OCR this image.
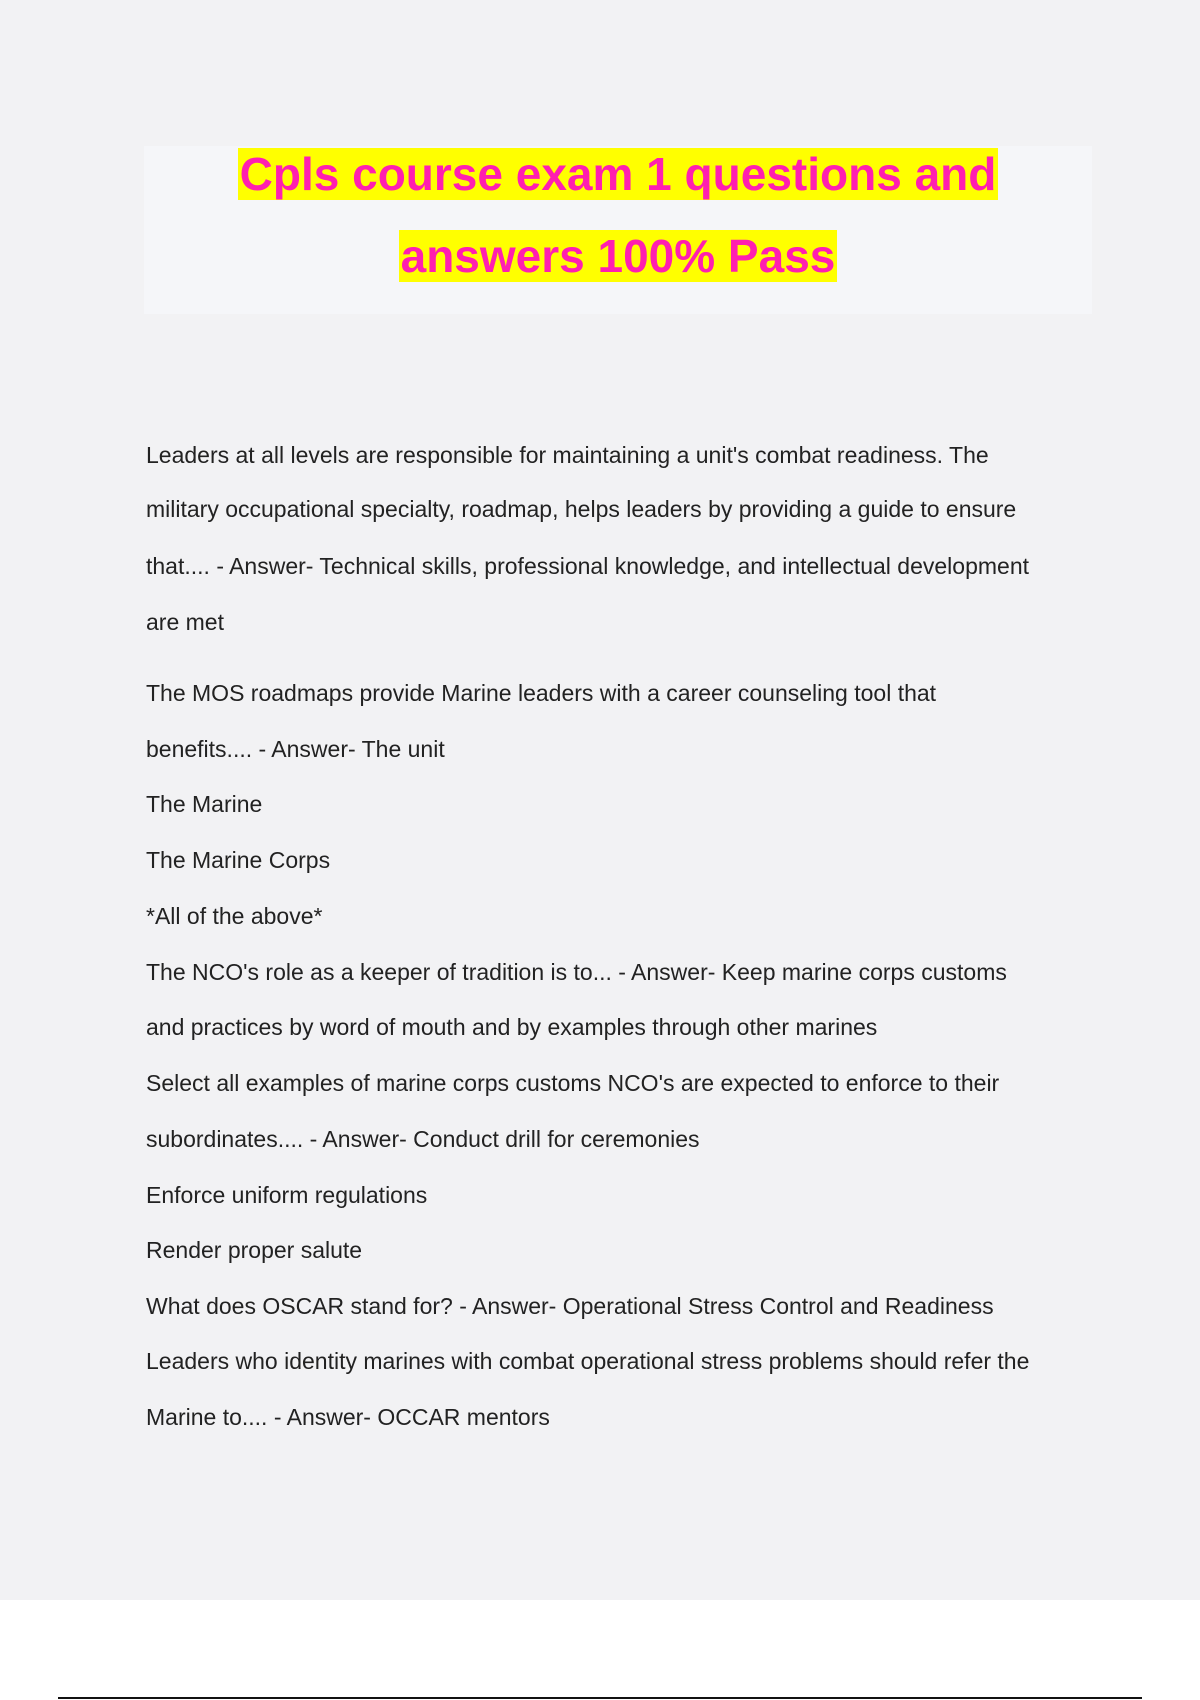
Cpls course exam 1 questions and
answers 100% Pass
Leaders at all levels are responsible for maintaining a unit's combat readiness. The
military occupational specialty, roadmap, helps leaders by providing a guide to ensure
that.... - Answer- Technical skills, professional knowledge, and intellectual development
are met
The MOS roadmaps provide Marine leaders with a career counseling tool that
benefits.... - Answer- The unit
The Marine
The Marine Corps
*All of the above*
The NCO's role as a keeper of tradition is to... - Answer- Keep marine corps customs
and practices by word of mouth and by examples through other marines
Select all examples of marine corps customs NCO's are expected to enforce to their
subordinates.... - Answer- Conduct drill for ceremonies
Enforce uniform regulations
Render proper salute
What does OSCAR stand for? - Answer- Operational Stress Control and Readiness
Leaders who identity marines with combat operational stress problems should refer the
Marine to.... - Answer- OCCAR mentors
